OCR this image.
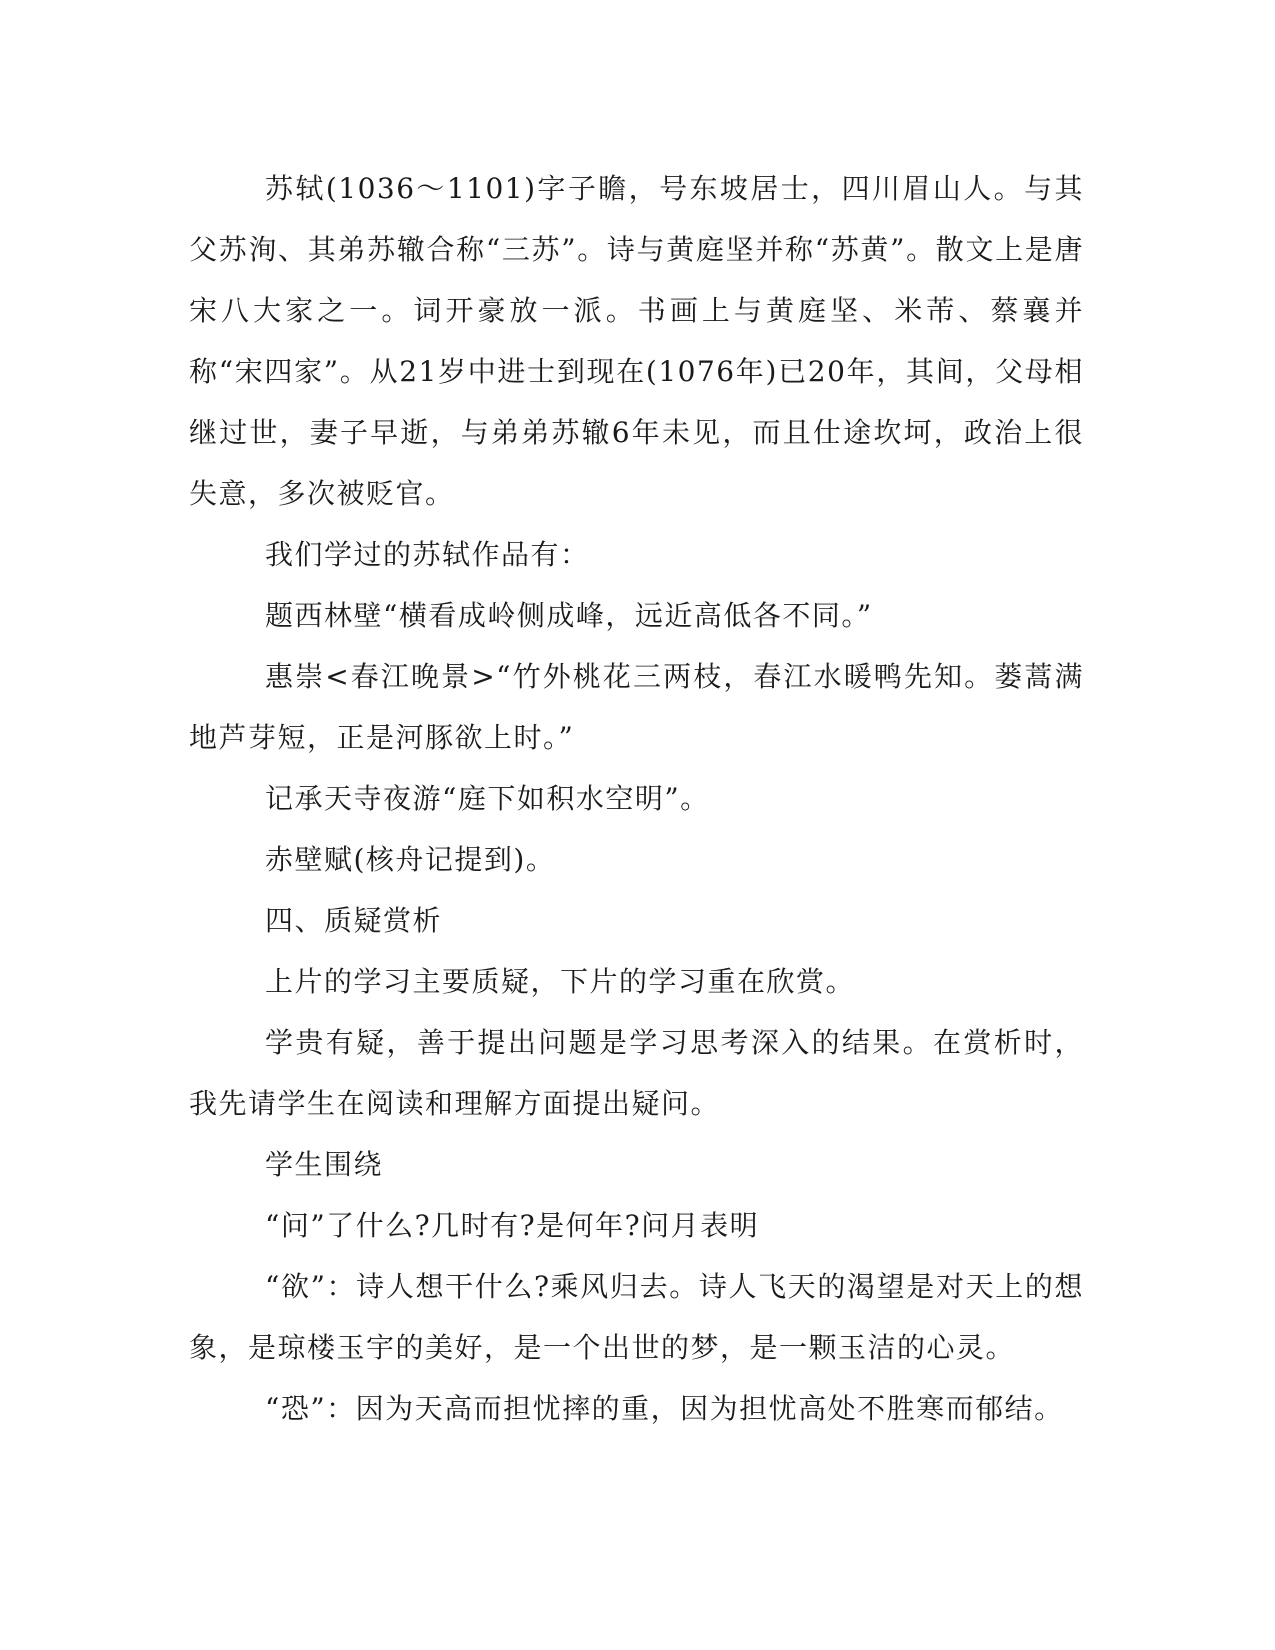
苏轼(1036～1101)字子瞻，号东坡居士，四川眉山人。与其父苏洵、其弟苏辙合称“三苏”。诗与黄庭坚并称“苏黄”。散文上是唐宋八大家之一。词开豪放一派。书画上与黄庭坚、米芾、蔡襄并称“宋四家”。从21岁中进士到现在(1076年)已20年，其间，父母相继过世，妻子早逝，与弟弟苏辙6年未见，而且仕途坎坷，政治上很失意，多次被贬官。

我们学过的苏轼作品有：

题西林壁“横看成岭侧成峰，远近高低各不同。”

惠崇<春江晚景>“竹外桃花三两枝，春江水暖鸭先知。蒌蒿满地芦芽短，正是河豚欲上时。”

记承天寺夜游“庭下如积水空明”。

赤壁赋(核舟记提到)。

四、质疑赏析

上片的学习主要质疑，下片的学习重在欣赏。

学贵有疑，善于提出问题是学习思考深入的结果。在赏析时，我先请学生在阅读和理解方面提出疑问。

学生围绕

“问”了什么?几时有?是何年?问月表明

“欲”：诗人想干什么?乘风归去。诗人飞天的渴望是对天上的想象，是琼楼玉宇的美好，是一个出世的梦，是一颗玉洁的心灵。

“恐”：因为天高而担忧摔的重，因为担忧高处不胜寒而郁结。
